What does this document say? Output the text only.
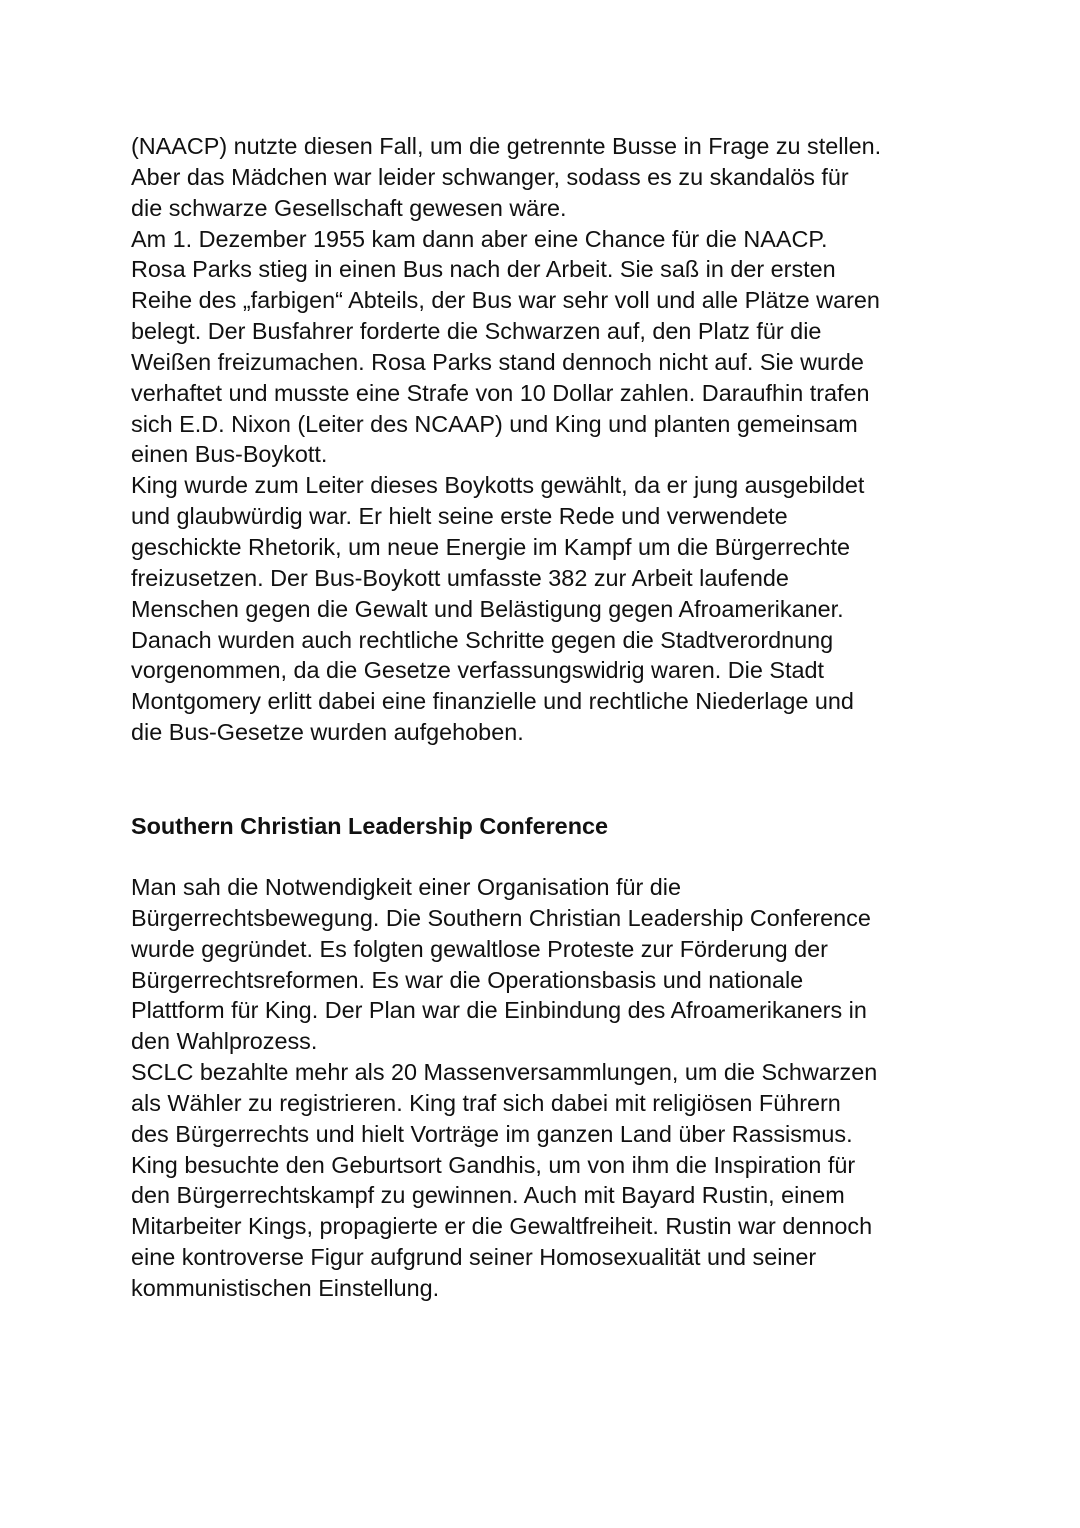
(NAACP) nutzte diesen Fall, um die getrennte Busse in Frage zu stellen.
Aber das Mädchen war leider schwanger, sodass es zu skandalös für
die schwarze Gesellschaft gewesen wäre.
Am 1. Dezember 1955 kam dann aber eine Chance für die NAACP.
Rosa Parks stieg in einen Bus nach der Arbeit. Sie saß in der ersten
Reihe des „farbigen“ Abteils, der Bus war sehr voll und alle Plätze waren
belegt. Der Busfahrer forderte die Schwarzen auf, den Platz für die
Weißen freizumachen. Rosa Parks stand dennoch nicht auf. Sie wurde
verhaftet und musste eine Strafe von 10 Dollar zahlen. Daraufhin trafen
sich E.D. Nixon (Leiter des NCAAP) und King und planten gemeinsam
einen Bus-Boykott.
King wurde zum Leiter dieses Boykotts gewählt, da er jung ausgebildet
und glaubwürdig war. Er hielt seine erste Rede und verwendete
geschickte Rhetorik, um neue Energie im Kampf um die Bürgerrechte
freizusetzen. Der Bus-Boykott umfasste 382 zur Arbeit laufende
Menschen gegen die Gewalt und Belästigung gegen Afroamerikaner.
Danach wurden auch rechtliche Schritte gegen die Stadtverordnung
vorgenommen, da die Gesetze verfassungswidrig waren. Die Stadt
Montgomery erlitt dabei eine finanzielle und rechtliche Niederlage und
die Bus-Gesetze wurden aufgehoben.

Southern Christian Leadership Conference

Man sah die Notwendigkeit einer Organisation für die
Bürgerrechtsbewegung. Die Southern Christian Leadership Conference
wurde gegründet. Es folgten gewaltlose Proteste zur Förderung der
Bürgerrechtsreformen. Es war die Operationsbasis und nationale
Plattform für King. Der Plan war die Einbindung des Afroamerikaners in
den Wahlprozess.
SCLC bezahlte mehr als 20 Massenversammlungen, um die Schwarzen
als Wähler zu registrieren. King traf sich dabei mit religiösen Führern
des Bürgerrechts und hielt Vorträge im ganzen Land über Rassismus.
King besuchte den Geburtsort Gandhis, um von ihm die Inspiration für
den Bürgerrechtskampf zu gewinnen. Auch mit Bayard Rustin, einem
Mitarbeiter Kings, propagierte er die Gewaltfreiheit. Rustin war dennoch
eine kontroverse Figur aufgrund seiner Homosexualität und seiner
kommunistischen Einstellung.
